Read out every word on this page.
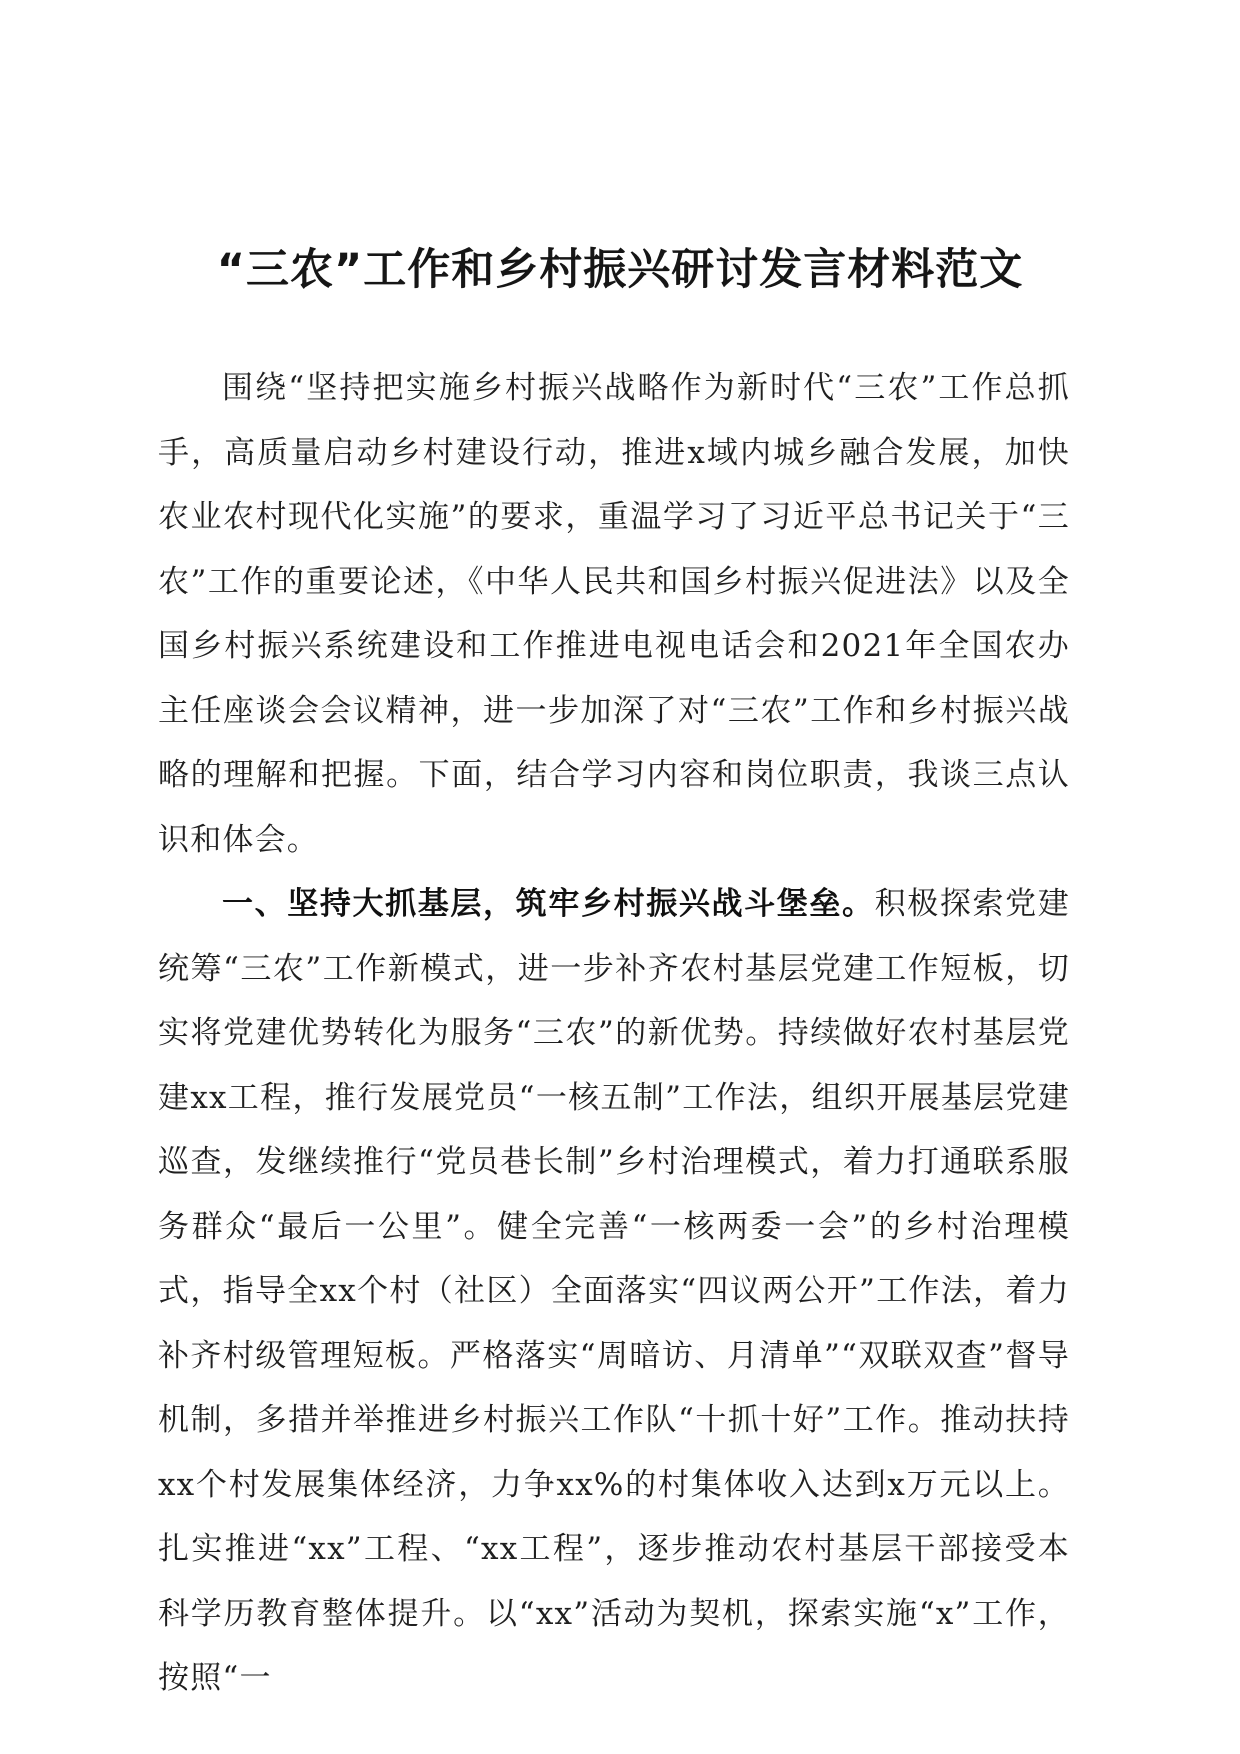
“三农”工作和乡村振兴研讨发言材料范文

围绕“坚持把实施乡村振兴战略作为新时代“三农”工作总抓手，高质量启动乡村建设行动，推进x域内城乡融合发展，加快农业农村现代化实施”的要求，重温学习了习近平总书记关于“三农”工作的重要论述，《中华人民共和国乡村振兴促进法》以及全国乡村振兴系统建设和工作推进电视电话会和2021年全国农办主任座谈会会议精神，进一步加深了对“三农”工作和乡村振兴战略的理解和把握。下面，结合学习内容和岗位职责，我谈三点认识和体会。

一、坚持大抓基层，筑牢乡村振兴战斗堡垒。积极探索党建统筹“三农”工作新模式，进一步补齐农村基层党建工作短板，切实将党建优势转化为服务“三农”的新优势。持续做好农村基层党建xx工程，推行发展党员“一核五制”工作法，组织开展基层党建巡查，发继续推行“党员巷长制”乡村治理模式，着力打通联系服务群众“最后一公里”。健全完善“一核两委一会”的乡村治理模式，指导全xx个村（社区）全面落实“四议两公开”工作法，着力补齐村级管理短板。严格落实“周暗访、月清单”“双联双查”督导机制，多措并举推进乡村振兴工作队“十抓十好”工作。推动扶持xx个村发展集体经济，力争xx%的村集体收入达到x万元以上。扎实推进“xx”工程、“xx工程”，逐步推动农村基层干部接受本科学历教育整体提升。以“xx”活动为契机，探索实施“x”工作，按照“一
